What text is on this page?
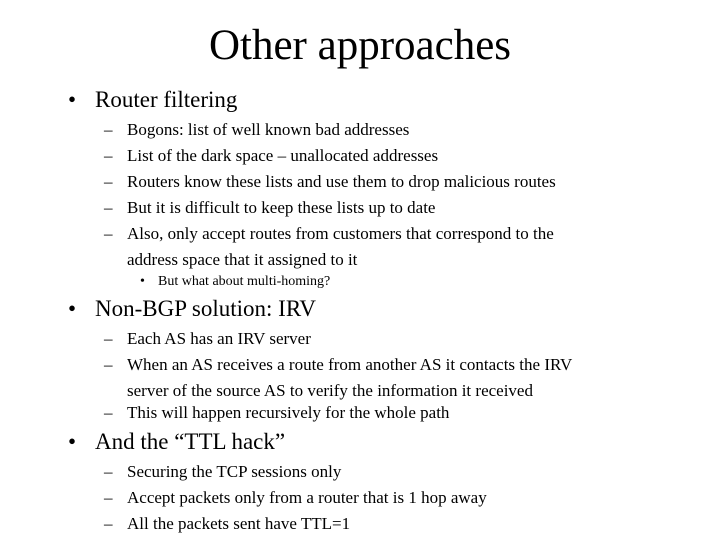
Other approaches
• Router filtering
– Bogons: list of well known bad addresses
– List of the dark space – unallocated addresses
– Routers know these lists and use them to drop malicious routes
– But it is difficult to keep these lists up to date
– Also, only accept routes from customers that correspond to the
address space that it assigned to it
• But what about multi-homing?
• Non-BGP solution: IRV
– Each AS has an IRV server
– When an AS receives a route from another AS it contacts the IRV
server of the source AS to verify the information it received
– This will happen recursively for the whole path
• And the “TTL hack”
– Securing the TCP sessions only
– Accept packets only from a router that is 1 hop away
– All the packets sent have TTL=1
